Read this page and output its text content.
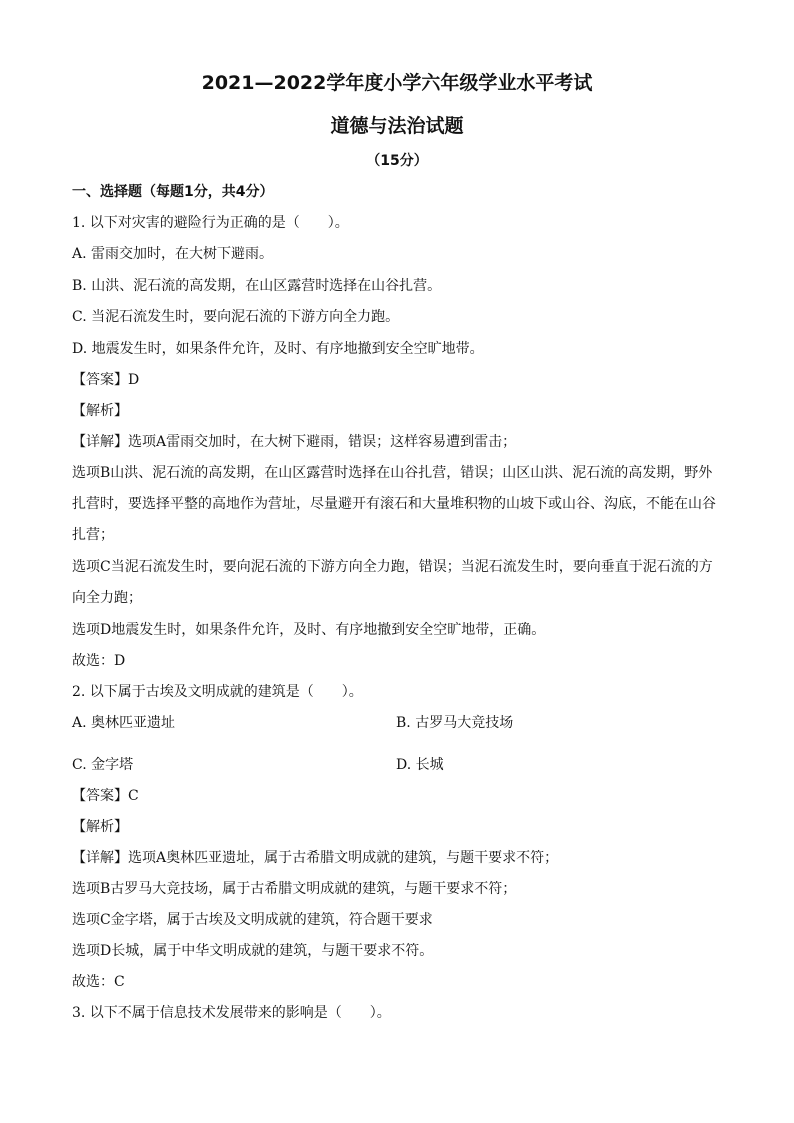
2021—2022学年度小学六年级学业水平考试
道德与法治试题
（15分）
一、选择题（每题1分，共4分）
1. 以下对灾害的避险行为正确的是（　　）。
A. 雷雨交加时，在大树下避雨。
B. 山洪、泥石流的高发期，在山区露营时选择在山谷扎营。
C. 当泥石流发生时，要向泥石流的下游方向全力跑。
D. 地震发生时，如果条件允许，及时、有序地撤到安全空旷地带。
【答案】D
【解析】
【详解】选项A雷雨交加时，在大树下避雨，错误；这样容易遭到雷击；
选项B山洪、泥石流的高发期，在山区露营时选择在山谷扎营，错误；山区山洪、泥石流的高发期，野外
扎营时，要选择平整的高地作为营址，尽量避开有滚石和大量堆积物的山坡下或山谷、沟底，不能在山谷
扎营；
选项C当泥石流发生时，要向泥石流的下游方向全力跑，错误；当泥石流发生时，要向垂直于泥石流的方
向全力跑；
选项D地震发生时，如果条件允许，及时、有序地撤到安全空旷地带，正确。
故选：D
2. 以下属于古埃及文明成就的建筑是（　　）。
A. 奥林匹亚遗址	B. 古罗马大竞技场
C. 金字塔	D. 长城
【答案】C
【解析】
【详解】选项A奥林匹亚遗址，属于古希腊文明成就的建筑，与题干要求不符；
选项B古罗马大竞技场，属于古希腊文明成就的建筑，与题干要求不符；
选项C金字塔，属于古埃及文明成就的建筑，符合题干要求
选项D长城，属于中华文明成就的建筑，与题干要求不符。
故选：C
3. 以下不属于信息技术发展带来的影响是（　　）。
